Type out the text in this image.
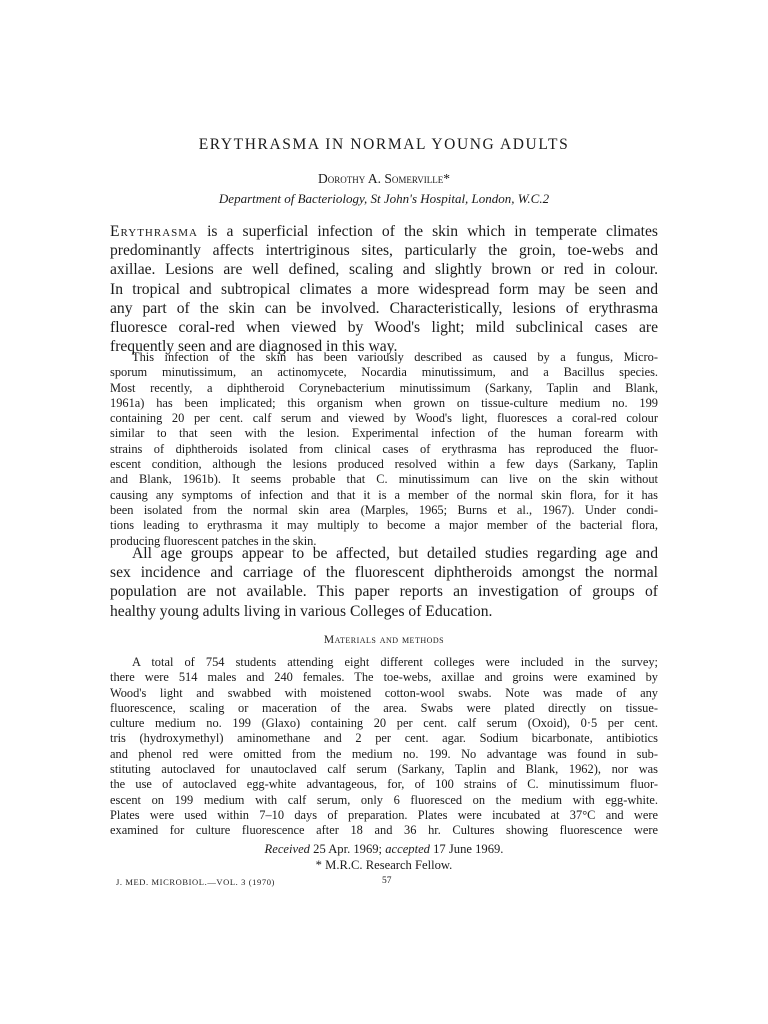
ERYTHRASMA IN NORMAL YOUNG ADULTS
Dorothy A. Somerville*
Department of Bacteriology, St John's Hospital, London, W.C.2
Erythrasma is a superficial infection of the skin which in temperate climates
predominantly affects intertriginous sites, particularly the groin, toe-webs and
axillae. Lesions are well defined, scaling and slightly brown or red in colour.
In tropical and subtropical climates a more widespread form may be seen and
any part of the skin can be involved. Characteristically, lesions of erythrasma
fluoresce coral-red when viewed by Wood's light; mild subclinical cases are
frequently seen and are diagnosed in this way.
This infection of the skin has been variously described as caused by a fungus, Micro-
sporum minutissimum, an actinomycete, Nocardia minutissimum, and a Bacillus species.
Most recently, a diphtheroid Corynebacterium minutissimum (Sarkany, Taplin and Blank,
1961a) has been implicated; this organism when grown on tissue-culture medium no. 199
containing 20 per cent. calf serum and viewed by Wood's light, fluoresces a coral-red colour
similar to that seen with the lesion. Experimental infection of the human forearm with
strains of diphtheroids isolated from clinical cases of erythrasma has reproduced the fluor-
escent condition, although the lesions produced resolved within a few days (Sarkany, Taplin
and Blank, 1961b). It seems probable that C. minutissimum can live on the skin without
causing any symptoms of infection and that it is a member of the normal skin flora, for it has
been isolated from the normal skin area (Marples, 1965; Burns et al., 1967). Under condi-
tions leading to erythrasma it may multiply to become a major member of the bacterial flora,
producing fluorescent patches in the skin.
All age groups appear to be affected, but detailed studies regarding age and
sex incidence and carriage of the fluorescent diphtheroids amongst the normal
population are not available. This paper reports an investigation of groups of
healthy young adults living in various Colleges of Education.
Materials and methods
A total of 754 students attending eight different colleges were included in the survey;
there were 514 males and 240 females. The toe-webs, axillae and groins were examined by
Wood's light and swabbed with moistened cotton-wool swabs. Note was made of any
fluorescence, scaling or maceration of the area. Swabs were plated directly on tissue-
culture medium no. 199 (Glaxo) containing 20 per cent. calf serum (Oxoid), 0·5 per cent.
tris (hydroxymethyl) aminomethane and 2 per cent. agar. Sodium bicarbonate, antibiotics
and phenol red were omitted from the medium no. 199. No advantage was found in sub-
stituting autoclaved for unautoclaved calf serum (Sarkany, Taplin and Blank, 1962), nor was
the use of autoclaved egg-white advantageous, for, of 100 strains of C. minutissimum fluor-
escent on 199 medium with calf serum, only 6 fluoresced on the medium with egg-white.
Plates were used within 7–10 days of preparation. Plates were incubated at 37°C and were
examined for culture fluorescence after 18 and 36 hr. Cultures showing fluorescence were
Received 25 Apr. 1969; accepted 17 June 1969.
* M.R.C. Research Fellow.
J. MED. MICROBIOL.—VOL. 3 (1970)	57
